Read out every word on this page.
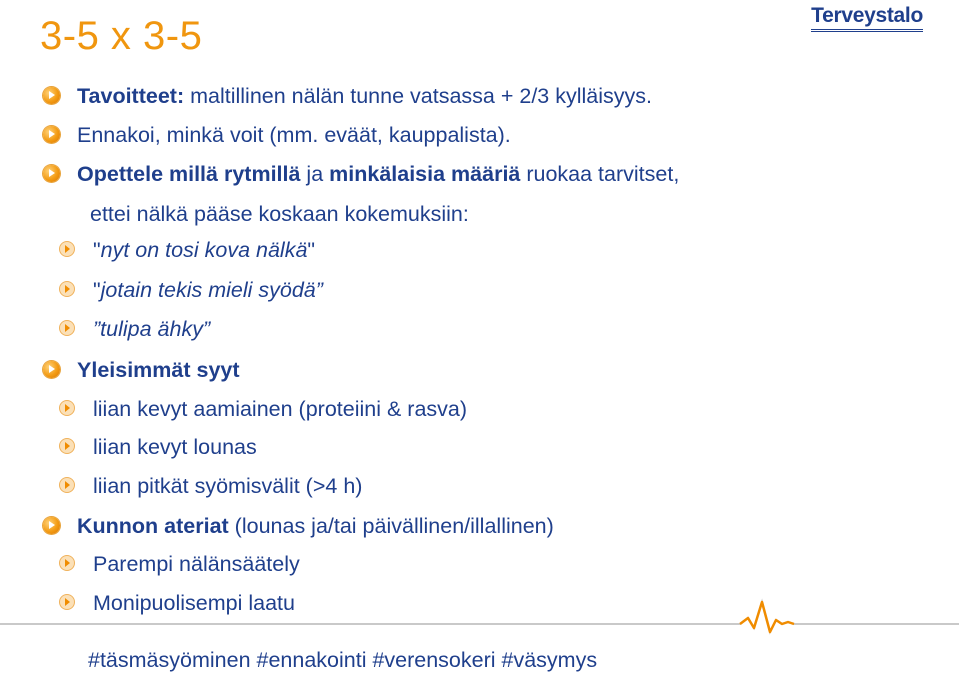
3-5 x 3-5	Terveystalo
Tavoitteet: maltillinen nälän tunne vatsassa + 2/3 kylläisyys.
Ennakoi, minkä voit (mm. eväät, kauppalista).
Opettele millä rytmillä ja minkälaisia määriä ruokaa tarvitset,
ettei nälkä pääse koskaan kokemuksiin:
"nyt on tosi kova nälkä"
"jotain tekis mieli syödä”
”tulipa ähky”
Yleisimmät syyt
liian kevyt aamiainen (proteiini & rasva)
liian kevyt lounas
liian pitkät syömisvälit (>4 h)
Kunnon ateriat (lounas ja/tai päivällinen/illallinen)
Parempi nälänsäätely
Monipuolisempi laatu
#täsmäsyöminen #ennakointi #verensokeri #väsymys
